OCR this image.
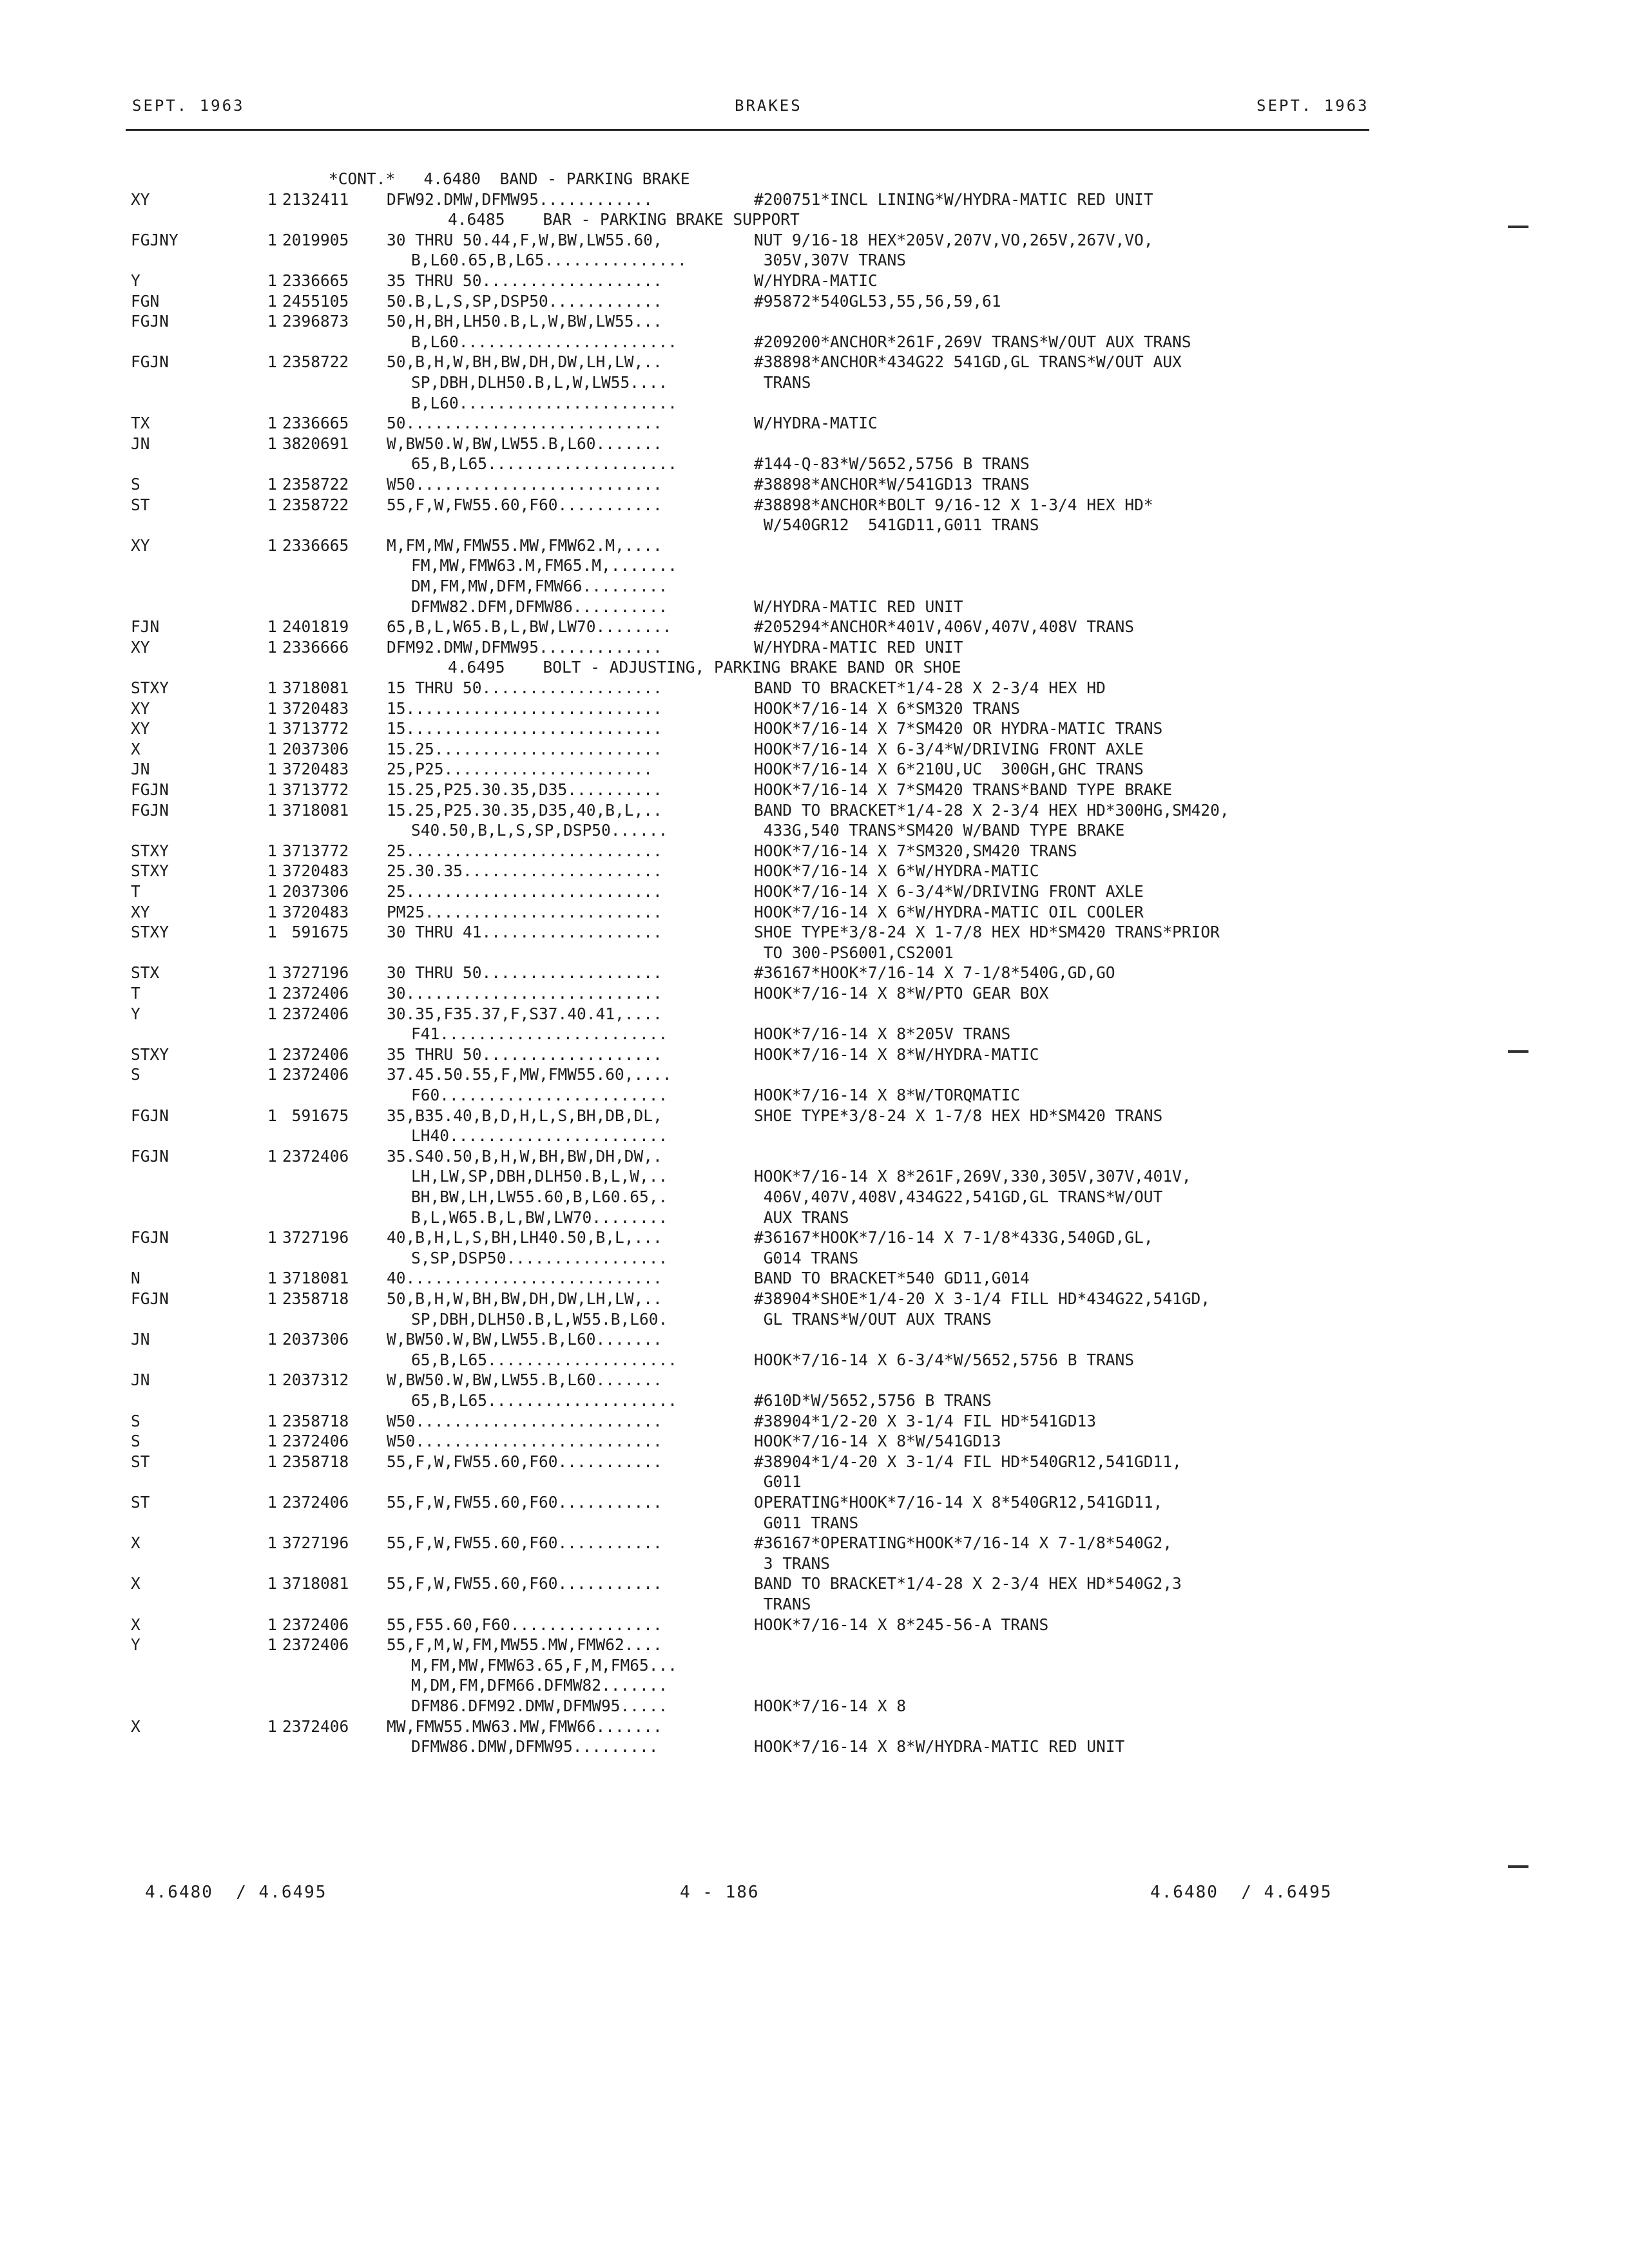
SEPT. 1963	BRAKES	SEPT. 1963
*CONT.*   4.6480  BAND - PARKING BRAKE
XY	1 2132411 DFW92.DMW,DFMW95............	#200751*INCL LINING*W/HYDRA-MATIC RED UNIT
4.6485    BAR - PARKING BRAKE SUPPORT
FGJNY	1 2019905 30 THRU 50.44,F,W,BW,LW55.60,	NUT 9/16-18 HEX*205V,207V,VO,265V,267V,VO,
B,L60.65,B,L65...............	305V,307V TRANS
Y	1 2336665 35 THRU 50...................	W/HYDRA-MATIC
FGN	1 2455105 50.B,L,S,SP,DSP50............	#95872*540GL53,55,56,59,61
FGJN	1 2396873 50,H,BH,LH50.B,L,W,BW,LW55...
B,L60.......................	#209200*ANCHOR*261F,269V TRANS*W/OUT AUX TRANS
FGJN	1 2358722 50,B,H,W,BH,BW,DH,DW,LH,LW,..	#38898*ANCHOR*434G22 541GD,GL TRANS*W/OUT AUX
SP,DBH,DLH50.B,L,W,LW55....	TRANS
B,L60.......................
TX	1 2336665 50...........................	W/HYDRA-MATIC
JN	1 3820691 W,BW50.W,BW,LW55.B,L60.......
65,B,L65....................	#144-Q-83*W/5652,5756 B TRANS
S	1 2358722 W50..........................	#38898*ANCHOR*W/541GD13 TRANS
ST	1 2358722 55,F,W,FW55.60,F60...........	#38898*ANCHOR*BOLT 9/16-12 X 1-3/4 HEX HD*
W/540GR12  541GD11,G011 TRANS
XY	1 2336665 M,FM,MW,FMW55.MW,FMW62.M,....
FM,MW,FMW63.M,FM65.M,.......
DM,FM,MW,DFM,FMW66.........
DFMW82.DFM,DFMW86..........	W/HYDRA-MATIC RED UNIT
FJN	1 2401819 65,B,L,W65.B,L,BW,LW70........	#205294*ANCHOR*401V,406V,407V,408V TRANS
XY	1 2336666 DFM92.DMW,DFMW95.............	W/HYDRA-MATIC RED UNIT
4.6495    BOLT - ADJUSTING, PARKING BRAKE BAND OR SHOE
STXY	1 3718081 15 THRU 50...................	BAND TO BRACKET*1/4-28 X 2-3/4 HEX HD
XY	1 3720483 15...........................	HOOK*7/16-14 X 6*SM320 TRANS
XY	1 3713772 15...........................	HOOK*7/16-14 X 7*SM420 OR HYDRA-MATIC TRANS
X	1 2037306 15.25........................	HOOK*7/16-14 X 6-3/4*W/DRIVING FRONT AXLE
JN	1 3720483 25,P25......................	HOOK*7/16-14 X 6*210U,UC  300GH,GHC TRANS
FGJN	1 3713772 15.25,P25.30.35,D35..........	HOOK*7/16-14 X 7*SM420 TRANS*BAND TYPE BRAKE
FGJN	1 3718081 15.25,P25.30.35,D35,40,B,L,..	BAND TO BRACKET*1/4-28 X 2-3/4 HEX HD*300HG,SM420,
S40.50,B,L,S,SP,DSP50......	433G,540 TRANS*SM420 W/BAND TYPE BRAKE
STXY	1 3713772 25...........................	HOOK*7/16-14 X 7*SM320,SM420 TRANS
STXY	1 3720483 25.30.35.....................	HOOK*7/16-14 X 6*W/HYDRA-MATIC
T	1 2037306 25...........................	HOOK*7/16-14 X 6-3/4*W/DRIVING FRONT AXLE
XY	1 3720483 PM25.........................	HOOK*7/16-14 X 6*W/HYDRA-MATIC OIL COOLER
STXY	1 591675 30 THRU 41...................	SHOE TYPE*3/8-24 X 1-7/8 HEX HD*SM420 TRANS*PRIOR
TO 300-PS6001,CS2001
STX	1 3727196 30 THRU 50...................	#36167*HOOK*7/16-14 X 7-1/8*540G,GD,GO
T	1 2372406 30...........................	HOOK*7/16-14 X 8*W/PTO GEAR BOX
Y	1 2372406 30.35,F35.37,F,S37.40.41,....
F41........................	HOOK*7/16-14 X 8*205V TRANS
STXY	1 2372406 35 THRU 50...................	HOOK*7/16-14 X 8*W/HYDRA-MATIC
S	1 2372406 37.45.50.55,F,MW,FMW55.60,....
F60........................	HOOK*7/16-14 X 8*W/TORQMATIC
FGJN	1 591675 35,B35.40,B,D,H,L,S,BH,DB,DL,	SHOE TYPE*3/8-24 X 1-7/8 HEX HD*SM420 TRANS
LH40.......................
FGJN	1 2372406 35.S40.50,B,H,W,BH,BW,DH,DW,.
LH,LW,SP,DBH,DLH50.B,L,W,..	HOOK*7/16-14 X 8*261F,269V,330,305V,307V,401V,
BH,BW,LH,LW55.60,B,L60.65,.	406V,407V,408V,434G22,541GD,GL TRANS*W/OUT
B,L,W65.B,L,BW,LW70........	AUX TRANS
FGJN	1 3727196 40,B,H,L,S,BH,LH40.50,B,L,...	#36167*HOOK*7/16-14 X 7-1/8*433G,540GD,GL,
S,SP,DSP50.................	G014 TRANS
N	1 3718081 40...........................	BAND TO BRACKET*540 GD11,G014
FGJN	1 2358718 50,B,H,W,BH,BW,DH,DW,LH,LW,..	#38904*SHOE*1/4-20 X 3-1/4 FILL HD*434G22,541GD,
SP,DBH,DLH50.B,L,W55.B,L60.	GL TRANS*W/OUT AUX TRANS
JN	1 2037306 W,BW50.W,BW,LW55.B,L60.......
65,B,L65....................	HOOK*7/16-14 X 6-3/4*W/5652,5756 B TRANS
JN	1 2037312 W,BW50.W,BW,LW55.B,L60.......
65,B,L65....................	#610D*W/5652,5756 B TRANS
S	1 2358718 W50..........................	#38904*1/2-20 X 3-1/4 FIL HD*541GD13
S	1 2372406 W50..........................	HOOK*7/16-14 X 8*W/541GD13
ST	1 2358718 55,F,W,FW55.60,F60...........	#38904*1/4-20 X 3-1/4 FIL HD*540GR12,541GD11,
G011
ST	1 2372406 55,F,W,FW55.60,F60...........	OPERATING*HOOK*7/16-14 X 8*540GR12,541GD11,
G011 TRANS
X	1 3727196 55,F,W,FW55.60,F60...........	#36167*OPERATING*HOOK*7/16-14 X 7-1/8*540G2,
3 TRANS
X	1 3718081 55,F,W,FW55.60,F60...........	BAND TO BRACKET*1/4-28 X 2-3/4 HEX HD*540G2,3
TRANS
X	1 2372406 55,F55.60,F60................	HOOK*7/16-14 X 8*245-56-A TRANS
Y	1 2372406 55,F,M,W,FM,MW55.MW,FMW62....
M,FM,MW,FMW63.65,F,M,FM65...
M,DM,FM,DFM66.DFMW82.......
DFM86.DFM92.DMW,DFMW95.....	HOOK*7/16-14 X 8
X	1 2372406 MW,FMW55.MW63.MW,FMW66.......
DFMW86.DMW,DFMW95.........	HOOK*7/16-14 X 8*W/HYDRA-MATIC RED UNIT
4.6480  / 4.6495	4 - 186	4.6480  / 4.6495
